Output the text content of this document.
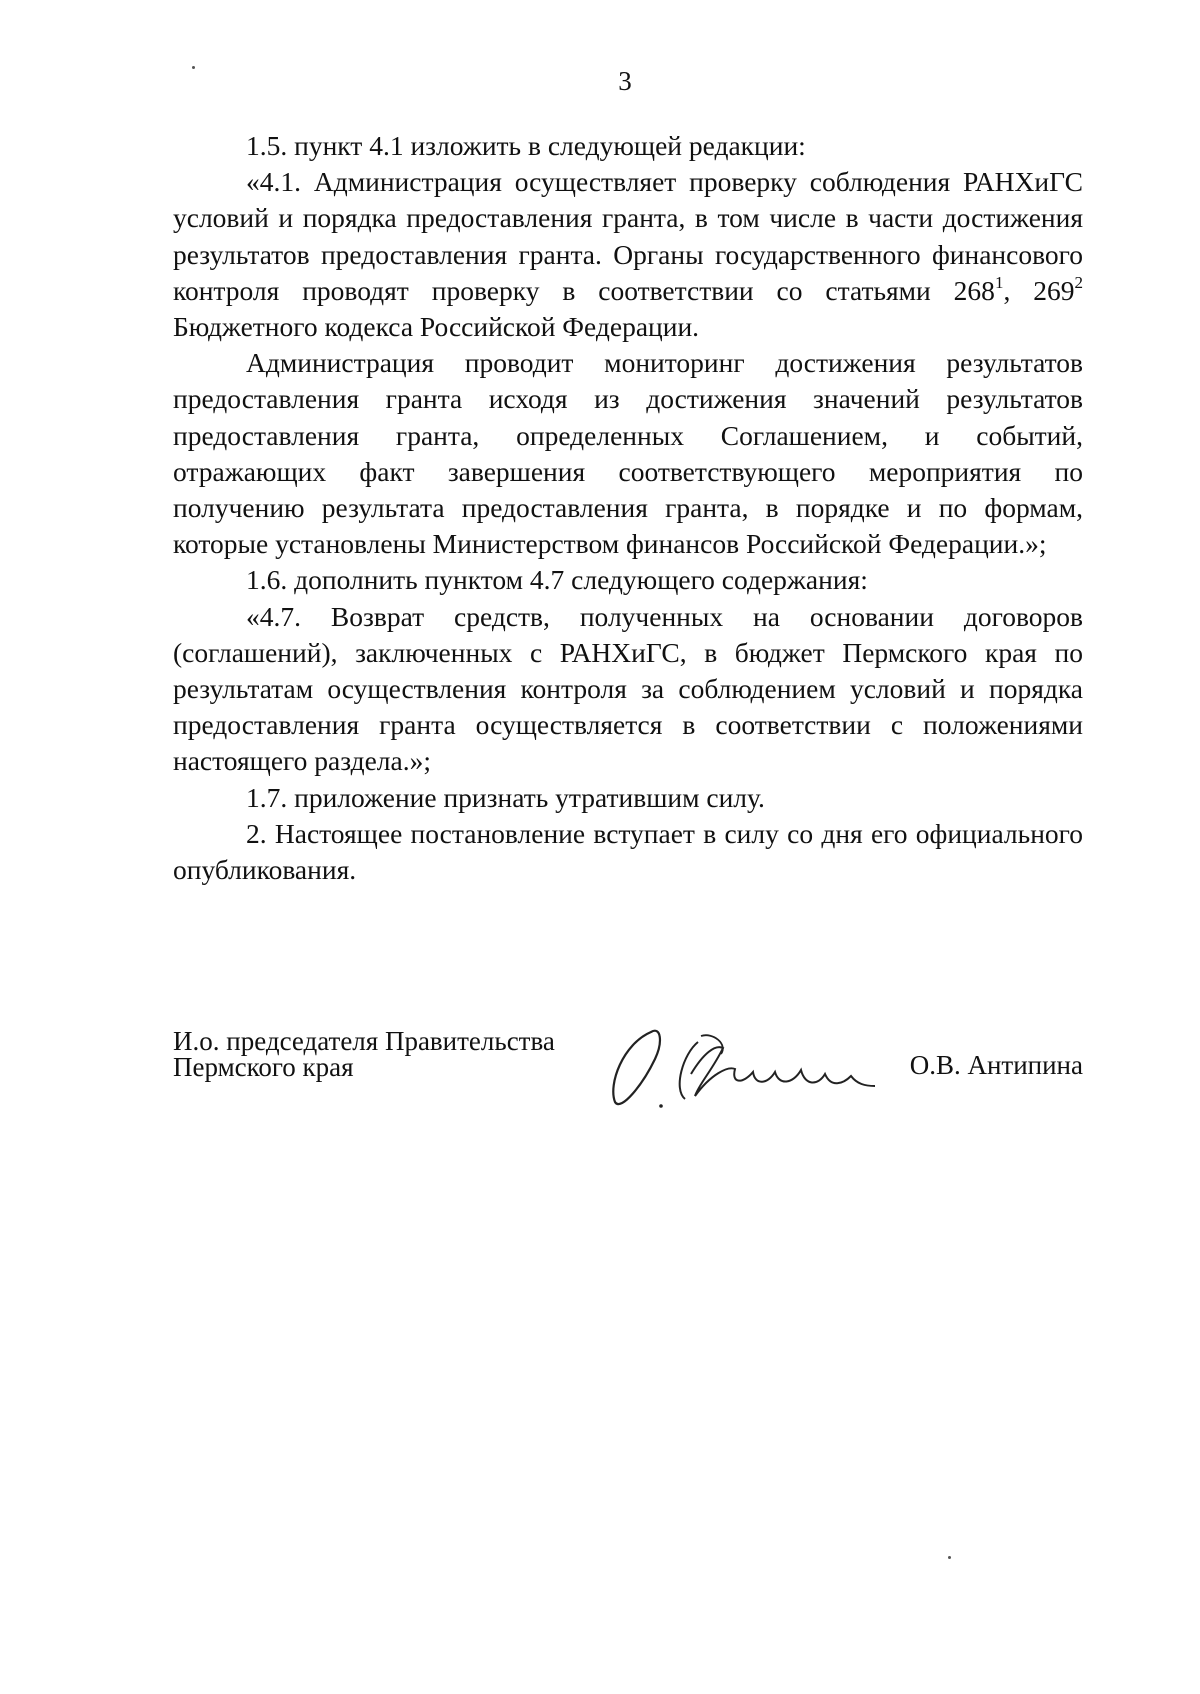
3

1.5. пункт 4.1 изложить в следующей редакции:

«4.1. Администрация осуществляет проверку соблюдения РАНХиГС условий и порядка предоставления гранта, в том числе в части достижения результатов предоставления гранта. Органы государственного финансового контроля проводят проверку в соответствии со статьями $268^1$, $269^2$ Бюджетного кодекса Российской Федерации.

Администрация проводит мониторинг достижения результатов предоставления гранта исходя из достижения значений результатов предоставления гранта, определенных Соглашением, и событий, отражающих факт завершения соответствующего мероприятия по получению результата предоставления гранта, в порядке и по формам, которые установлены Министерством финансов Российской Федерации.»;

1.6. дополнить пунктом 4.7 следующего содержания:

«4.7. Возврат средств, полученных на основании договоров (соглашений), заключенных с РАНХиГС, в бюджет Пермского края по результатам осуществления контроля за соблюдением условий и порядка предоставления гранта осуществляется в соответствии с положениями настоящего раздела.»;

1.7. приложение признать утратившим силу.

2. Настоящее постановление вступает в силу со дня его официального опубликования.

И.о. председателя Правительства
Пермского края	О.В. Антипина
